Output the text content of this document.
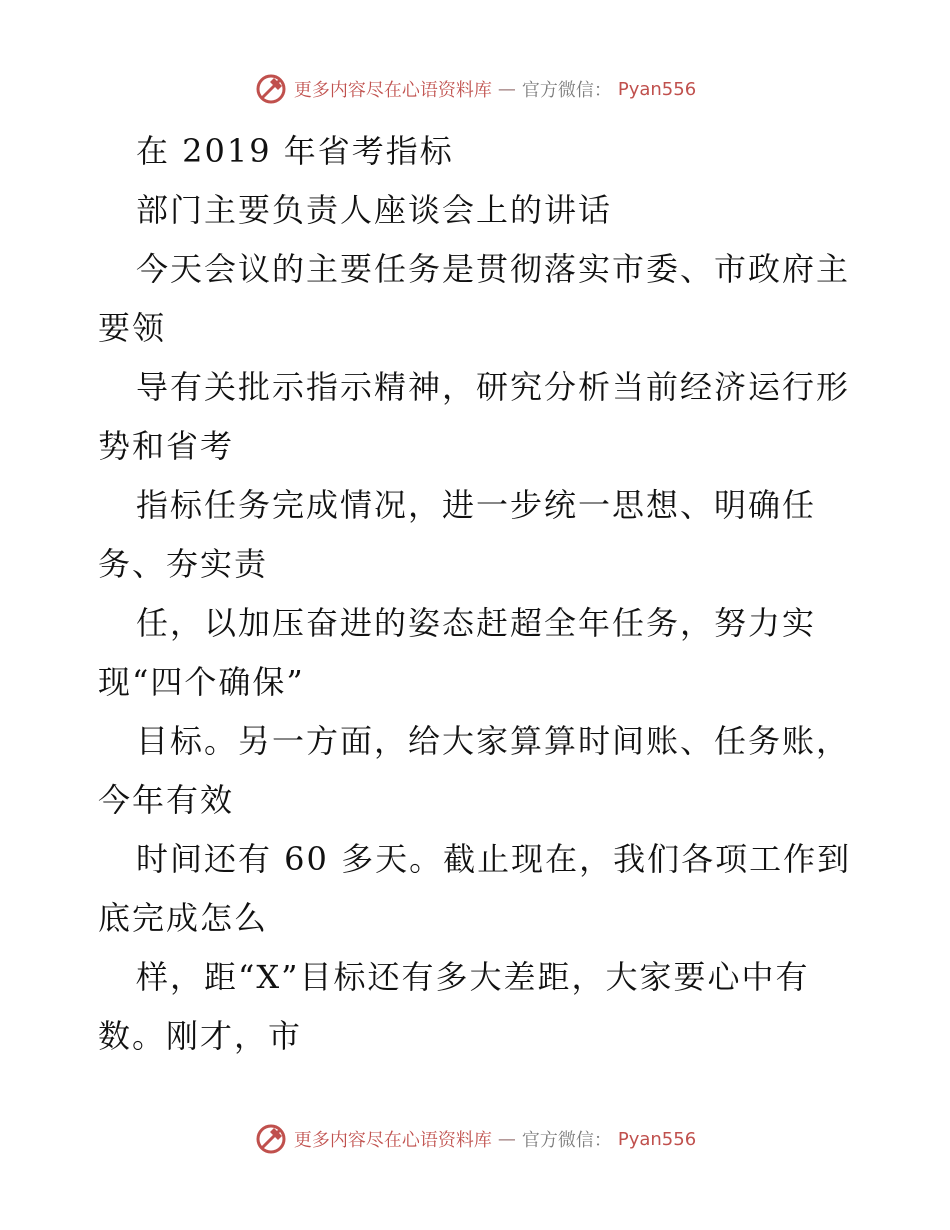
更多内容尽在心语资料库 — 官方微信： Pyan556
在 2019 年省考指标
部门主要负责人座谈会上的讲话
今天会议的主要任务是贯彻落实市委、市政府主
要领
导有关批示指示精神，研究分析当前经济运行形
势和省考
指标任务完成情况，进一步统一思想、明确任
务、夯实责
任，以加压奋进的姿态赶超全年任务，努力实
现“四个确保”
目标。另一方面，给大家算算时间账、任务账，
今年有效
时间还有 60 多天。截止现在，我们各项工作到
底完成怎么
样，距“X”目标还有多大差距，大家要心中有
数。刚才，市
更多内容尽在心语资料库 — 官方微信： Pyan556
